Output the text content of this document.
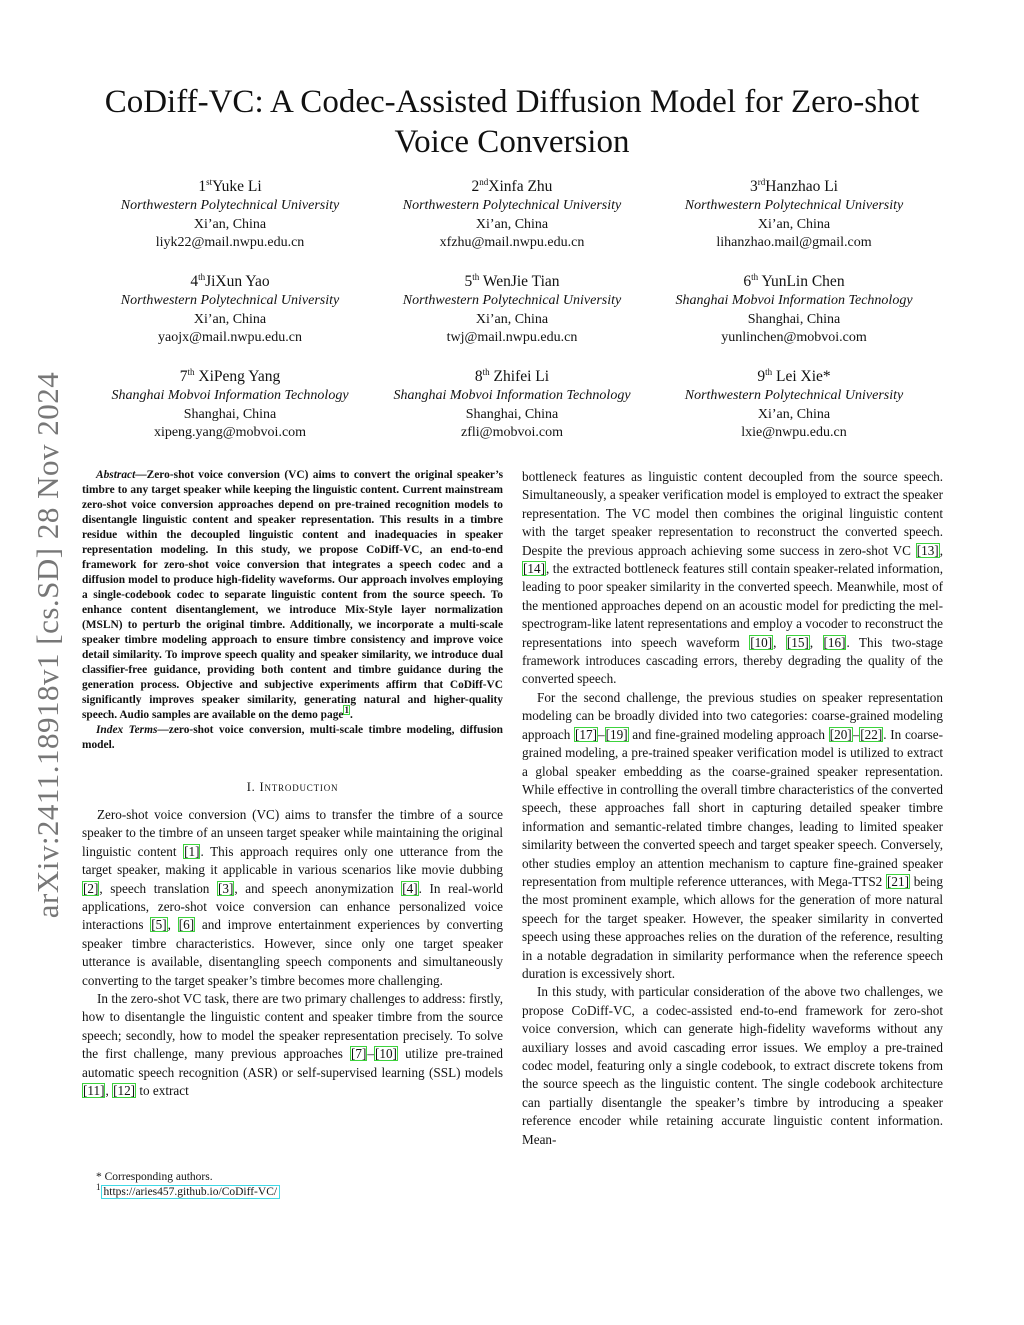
arXiv:2411.18918v1 [cs.SD] 28 Nov 2024
CoDiff-VC: A Codec-Assisted Diffusion Model for Zero-shot Voice Conversion
1stYuke Li
Northwestern Polytechnical University
Xi’an, China
liyk22@mail.nwpu.edu.cn
2ndXinfa Zhu
Northwestern Polytechnical University
Xi’an, China
xfzhu@mail.nwpu.edu.cn
3rdHanzhao Li
Northwestern Polytechnical University
Xi’an, China
lihanzhao.mail@gmail.com
4thJiXun Yao
Northwestern Polytechnical University
Xi’an, China
yaojx@mail.nwpu.edu.cn
5th WenJie Tian
Northwestern Polytechnical University
Xi’an, China
twj@mail.nwpu.edu.cn
6th YunLin Chen
Shanghai Mobvoi Information Technology
Shanghai, China
yunlinchen@mobvoi.com
7th XiPeng Yang
Shanghai Mobvoi Information Technology
Shanghai, China
xipeng.yang@mobvoi.com
8th Zhifei Li
Shanghai Mobvoi Information Technology
Shanghai, China
zfli@mobvoi.com
9th Lei Xie*
Northwestern Polytechnical University
Xi’an, China
lxie@nwpu.edu.cn

Abstract—Zero-shot voice conversion (VC) aims to convert the original speaker’s timbre to any target speaker while keeping the linguistic content. Current mainstream zero-shot voice conversion approaches depend on pre-trained recognition models to disentangle linguistic content and speaker representation. This results in a timbre residue within the decoupled linguistic content and inadequacies in speaker representation modeling. In this study, we propose CoDiff-VC, an end-to-end framework for zero-shot voice conversion that integrates a speech codec and a diffusion model to produce high-fidelity waveforms. Our approach involves employing a single-codebook codec to separate linguistic content from the source speech. To enhance content disentanglement, we introduce Mix-Style layer normalization (MSLN) to perturb the original timbre. Additionally, we incorporate a multi-scale speaker timbre modeling approach to ensure timbre consistency and improve voice detail similarity. To improve speech quality and speaker similarity, we introduce dual classifier-free guidance, providing both content and timbre guidance during the generation process. Objective and subjective experiments affirm that CoDiff-VC significantly improves speaker similarity, generating natural and higher-quality speech. Audio samples are available on the demo page$^1$.

Index Terms—zero-shot voice conversion, multi-scale timbre modeling, diffusion model.

I. Introduction

Zero-shot voice conversion (VC) aims to transfer the timbre of a source speaker to the timbre of an unseen target speaker while maintaining the original linguistic content [1]. This approach requires only one utterance from the target speaker, making it applicable in various scenarios like movie dubbing [2], speech translation [3], and speech anonymization [4]. In real-world applications, zero-shot voice conversion can enhance personalized voice interactions [5], [6] and improve entertainment experiences by converting speaker timbre characteristics. However, since only one target speaker utterance is available, disentangling speech components and simultaneously converting to the target speaker’s timbre becomes more challenging.

In the zero-shot VC task, there are two primary challenges to address: firstly, how to disentangle the linguistic content and speaker timbre from the source speech; secondly, how to model the speaker representation precisely. To solve the first challenge, many previous approaches [7]–[10] utilize pre-trained automatic speech recognition (ASR) or self-supervised learning (SSL) models [11], [12] to extract

* Corresponding authors.
$^1$ https://aries457.github.io/CoDiff-VC/

bottleneck features as linguistic content decoupled from the source speech. Simultaneously, a speaker verification model is employed to extract the speaker representation. The VC model then combines the original linguistic content with the target speaker representation to reconstruct the converted speech. Despite the previous approach achieving some success in zero-shot VC [13], [14], the extracted bottleneck features still contain speaker-related information, leading to poor speaker similarity in the converted speech. Meanwhile, most of the mentioned approaches depend on an acoustic model for predicting the mel-spectrogram-like latent representations and employ a vocoder to reconstruct the representations into speech waveform [10], [15], [16]. This two-stage framework introduces cascading errors, thereby degrading the quality of the converted speech.

For the second challenge, the previous studies on speaker representation modeling can be broadly divided into two categories: coarse-grained modeling approach [17]–[19] and fine-grained modeling approach [20]–[22]. In coarse-grained modeling, a pre-trained speaker verification model is utilized to extract a global speaker embedding as the coarse-grained speaker representation. While effective in controlling the overall timbre characteristics of the converted speech, these approaches fall short in capturing detailed speaker timbre information and semantic-related timbre changes, leading to limited speaker similarity between the converted speech and target speaker speech. Conversely, other studies employ an attention mechanism to capture fine-grained speaker representation from multiple reference utterances, with Mega-TTS2 [21] being the most prominent example, which allows for the generation of more natural speech for the target speaker. However, the speaker similarity in converted speech using these approaches relies on the duration of the reference, resulting in a notable degradation in similarity performance when the reference speech duration is excessively short.

In this study, with particular consideration of the above two challenges, we propose CoDiff-VC, a codec-assisted end-to-end framework for zero-shot voice conversion, which can generate high-fidelity waveforms without any auxiliary losses and avoid cascading error issues. We employ a pre-trained codec model, featuring only a single codebook, to extract discrete tokens from the source speech as the linguistic content. The single codebook architecture can partially disentangle the speaker’s timbre by introducing a speaker reference encoder while retaining accurate linguistic content information. Mean-
